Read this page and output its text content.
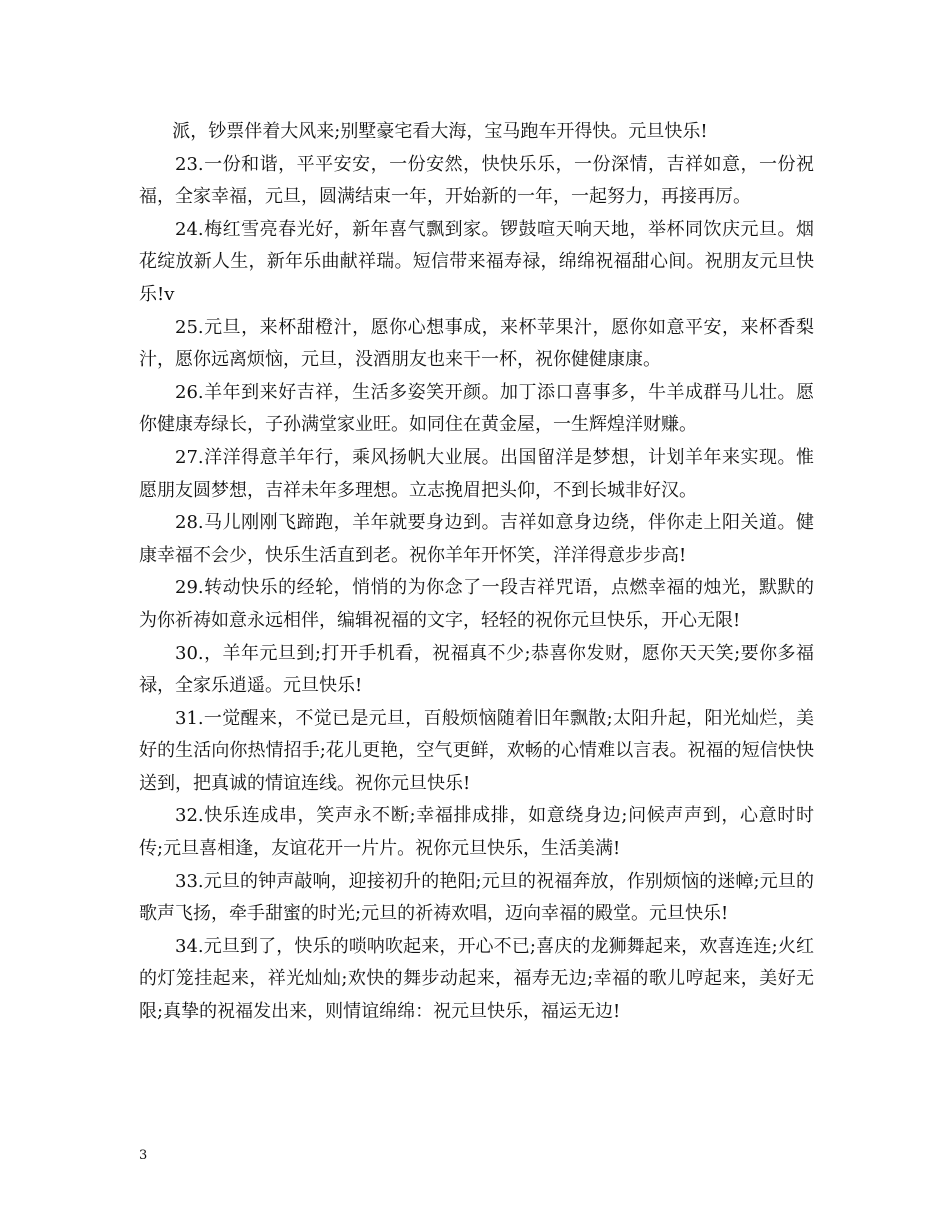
派，钞票伴着大风来;别墅豪宅看大海，宝马跑车开得快。元旦快乐!

23.一份和谐，平平安安，一份安然，快快乐乐，一份深情，吉祥如意，一份祝福，全家幸福，元旦，圆满结束一年，开始新的一年，一起努力，再接再厉。

24.梅红雪亮春光好，新年喜气飘到家。锣鼓喧天响天地，举杯同饮庆元旦。烟花绽放新人生，新年乐曲献祥瑞。短信带来福寿禄，绵绵祝福甜心间。祝朋友元旦快乐!v

25.元旦，来杯甜橙汁，愿你心想事成，来杯苹果汁，愿你如意平安，来杯香梨汁，愿你远离烦恼，元旦，没酒朋友也来干一杯，祝你健健康康。

26.羊年到来好吉祥，生活多姿笑开颜。加丁添口喜事多，牛羊成群马儿壮。愿你健康寿绿长，子孙满堂家业旺。如同住在黄金屋，一生辉煌洋财赚。

27.洋洋得意羊年行，乘风扬帆大业展。出国留洋是梦想，计划羊年来实现。惟愿朋友圆梦想，吉祥未年多理想。立志挽眉把头仰，不到长城非好汉。

28.马儿刚刚飞蹄跑，羊年就要身边到。吉祥如意身边绕，伴你走上阳关道。健康幸福不会少，快乐生活直到老。祝你羊年开怀笑，洋洋得意步步高!

29.转动快乐的经轮，悄悄的为你念了一段吉祥咒语，点燃幸福的烛光，默默的为你祈祷如意永远相伴，编辑祝福的文字，轻轻的祝你元旦快乐，开心无限!

30.，羊年元旦到;打开手机看，祝福真不少;恭喜你发财，愿你天天笑;要你多福禄，全家乐逍遥。元旦快乐!

31.一觉醒来，不觉已是元旦，百般烦恼随着旧年飘散;太阳升起，阳光灿烂，美好的生活向你热情招手;花儿更艳，空气更鲜，欢畅的心情难以言表。祝福的短信快快送到，把真诚的情谊连线。祝你元旦快乐!

32.快乐连成串，笑声永不断;幸福排成排，如意绕身边;问候声声到，心意时时传;元旦喜相逢，友谊花开一片片。祝你元旦快乐，生活美满!

33.元旦的钟声敲响，迎接初升的艳阳;元旦的祝福奔放，作别烦恼的迷幛;元旦的歌声飞扬，牵手甜蜜的时光;元旦的祈祷欢唱，迈向幸福的殿堂。元旦快乐!

34.元旦到了，快乐的唢呐吹起来，开心不已;喜庆的龙狮舞起来，欢喜连连;火红的灯笼挂起来，祥光灿灿;欢快的舞步动起来，福寿无边;幸福的歌儿哼起来，美好无限;真挚的祝福发出来，则情谊绵绵：祝元旦快乐，福运无边!

3
